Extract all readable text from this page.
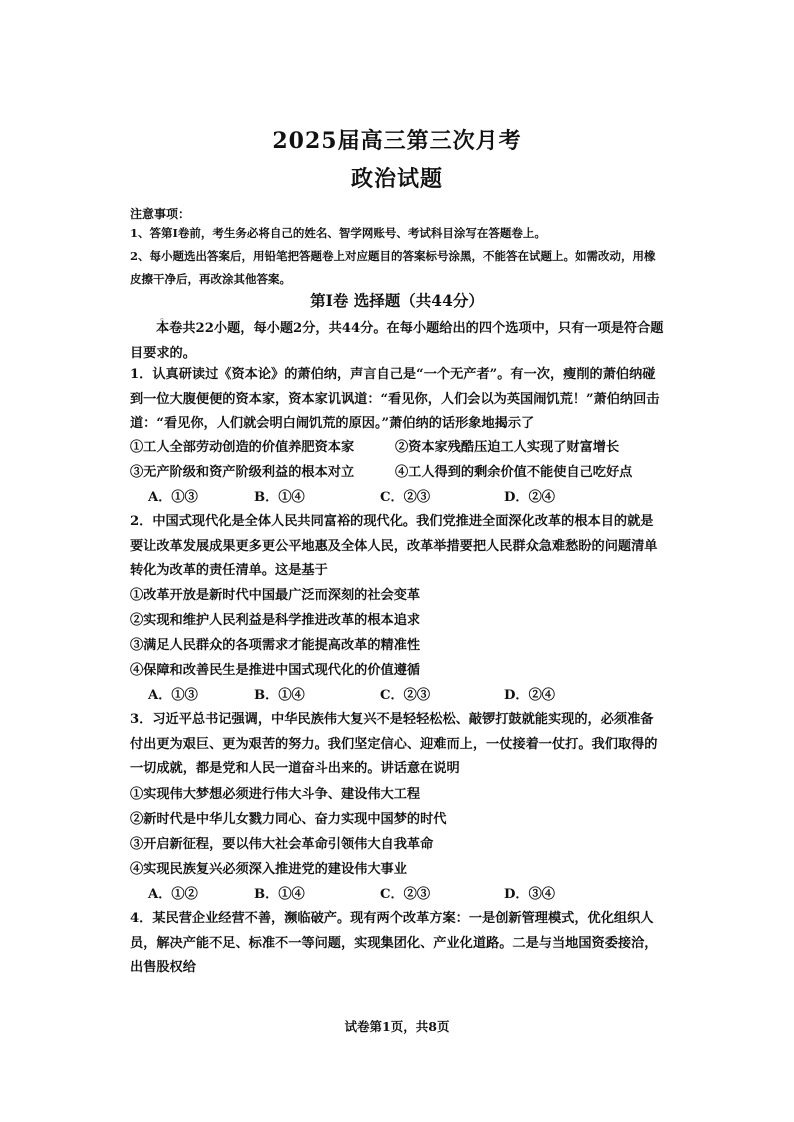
2025届高三第三次月考
政治试题
注意事项：
1、答第Ⅰ卷前，考生务必将自己的姓名、智学网账号、考试科目涂写在答题卷上。
2、每小题选出答案后，用铅笔把答题卷上对应题目的答案标号涂黑，不能答在试题上。如需改动，用橡皮擦干净后，再改涂其他答案。
第Ⅰ卷 选择题（共44分）
。
本卷共22小题，每小题2分，共44分。在每小题给出的四个选项中，只有一项是符合题目要求的。
1．认真研读过《资本论》的萧伯纳，声言自己是“一个无产者”。有一次，瘦削的萧伯纳碰到一位大腹便便的资本家，资本家讥讽道：“看见你，人们会以为英国闹饥荒！”萧伯纳回击道：“看见你，人们就会明白闹饥荒的原因。”萧伯纳的话形象地揭示了
①工人全部劳动创造的价值养肥资本家	②资本家残酷压迫工人实现了财富增长
③无产阶级和资产阶级利益的根本对立	④工人得到的剩余价值不能使自己吃好点
A．①③	B．①④	C．②③	D．②④
2．中国式现代化是全体人民共同富裕的现代化。我们党推进全面深化改革的根本目的就是要让改革发展成果更多更公平地惠及全体人民，改革举措要把人民群众急难愁盼的问题清单转化为改革的责任清单。这是基于
①改革开放是新时代中国最广泛而深刻的社会变革
②实现和维护人民利益是科学推进改革的根本追求
③满足人民群众的各项需求才能提高改革的精准性
④保障和改善民生是推进中国式现代化的价值遵循
A．①③	B．①④	C．②③	D．②④
3．习近平总书记强调，中华民族伟大复兴不是轻轻松松、敲锣打鼓就能实现的，必须准备付出更为艰巨、更为艰苦的努力。我们坚定信心、迎难而上，一仗接着一仗打。我们取得的一切成就，都是党和人民一道奋斗出来的。讲话意在说明
①实现伟大梦想必须进行伟大斗争、建设伟大工程
②新时代是中华儿女戮力同心、奋力实现中国梦的时代
③开启新征程，要以伟大社会革命引领伟大自我革命
④实现民族复兴必须深入推进党的建设伟大事业
A．①②	B．①④	C．②③	D．③④
4．某民营企业经营不善，濒临破产。现有两个改革方案：一是创新管理模式，优化组织人员，解决产能不足、标准不一等问题，实现集团化、产业化道路。二是与当地国资委接洽，出售股权给
试卷第1页，共8页
